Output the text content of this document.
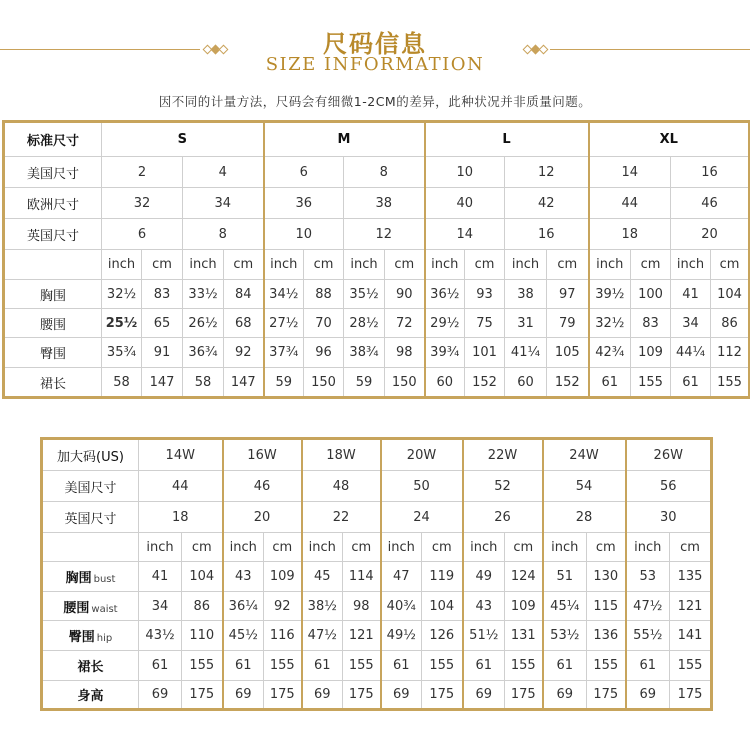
尺码信息
SIZE INFORMATION
因不同的计量方法，尺码会有细微1-2CM的差异，此种状况并非质量问题。
标准尺寸	S				M				L				XL			
美国尺寸	2		4		6		8		10		12		14		16	
欧洲尺寸	32		34		36		38		40		42		44		46	
英国尺寸	6		8		10		12		14		16		18		20	
	inch	cm	inch	cm	inch	cm	inch	cm	inch	cm	inch	cm	inch	cm	inch	cm
胸围	32½	83	33½	84	34½	88	35½	90	36½	93	38	97	39½	100	41	104
腰围	25½	65	26½	68	27½	70	28½	72	29½	75	31	79	32½	83	34	86
臀围	35¾	91	36¾	92	37¾	96	38¾	98	39¾	101	41¼	105	42¾	109	44¼	112
裙长	58	147	58	147	59	150	59	150	60	152	60	152	61	155	61	155
加大码(US)	14W		16W		18W		20W		22W		24W		26W	
美国尺寸	44		46		48		50		52		54		56	
英国尺寸	18		20		22		24		26		28		30	
	inch	cm	inch	cm	inch	cm	inch	cm	inch	cm	inch	cm	inch	cm
胸围 bust	41	104	43	109	45	114	47	119	49	124	51	130	53	135
腰围 waist	34	86	36¼	92	38½	98	40¾	104	43	109	45¼	115	47½	121
臀围 hip	43½	110	45½	116	47½	121	49½	126	51½	131	53½	136	55½	141
裙长	61	155	61	155	61	155	61	155	61	155	61	155	61	155
身高	69	175	69	175	69	175	69	175	69	175	69	175	69	175
